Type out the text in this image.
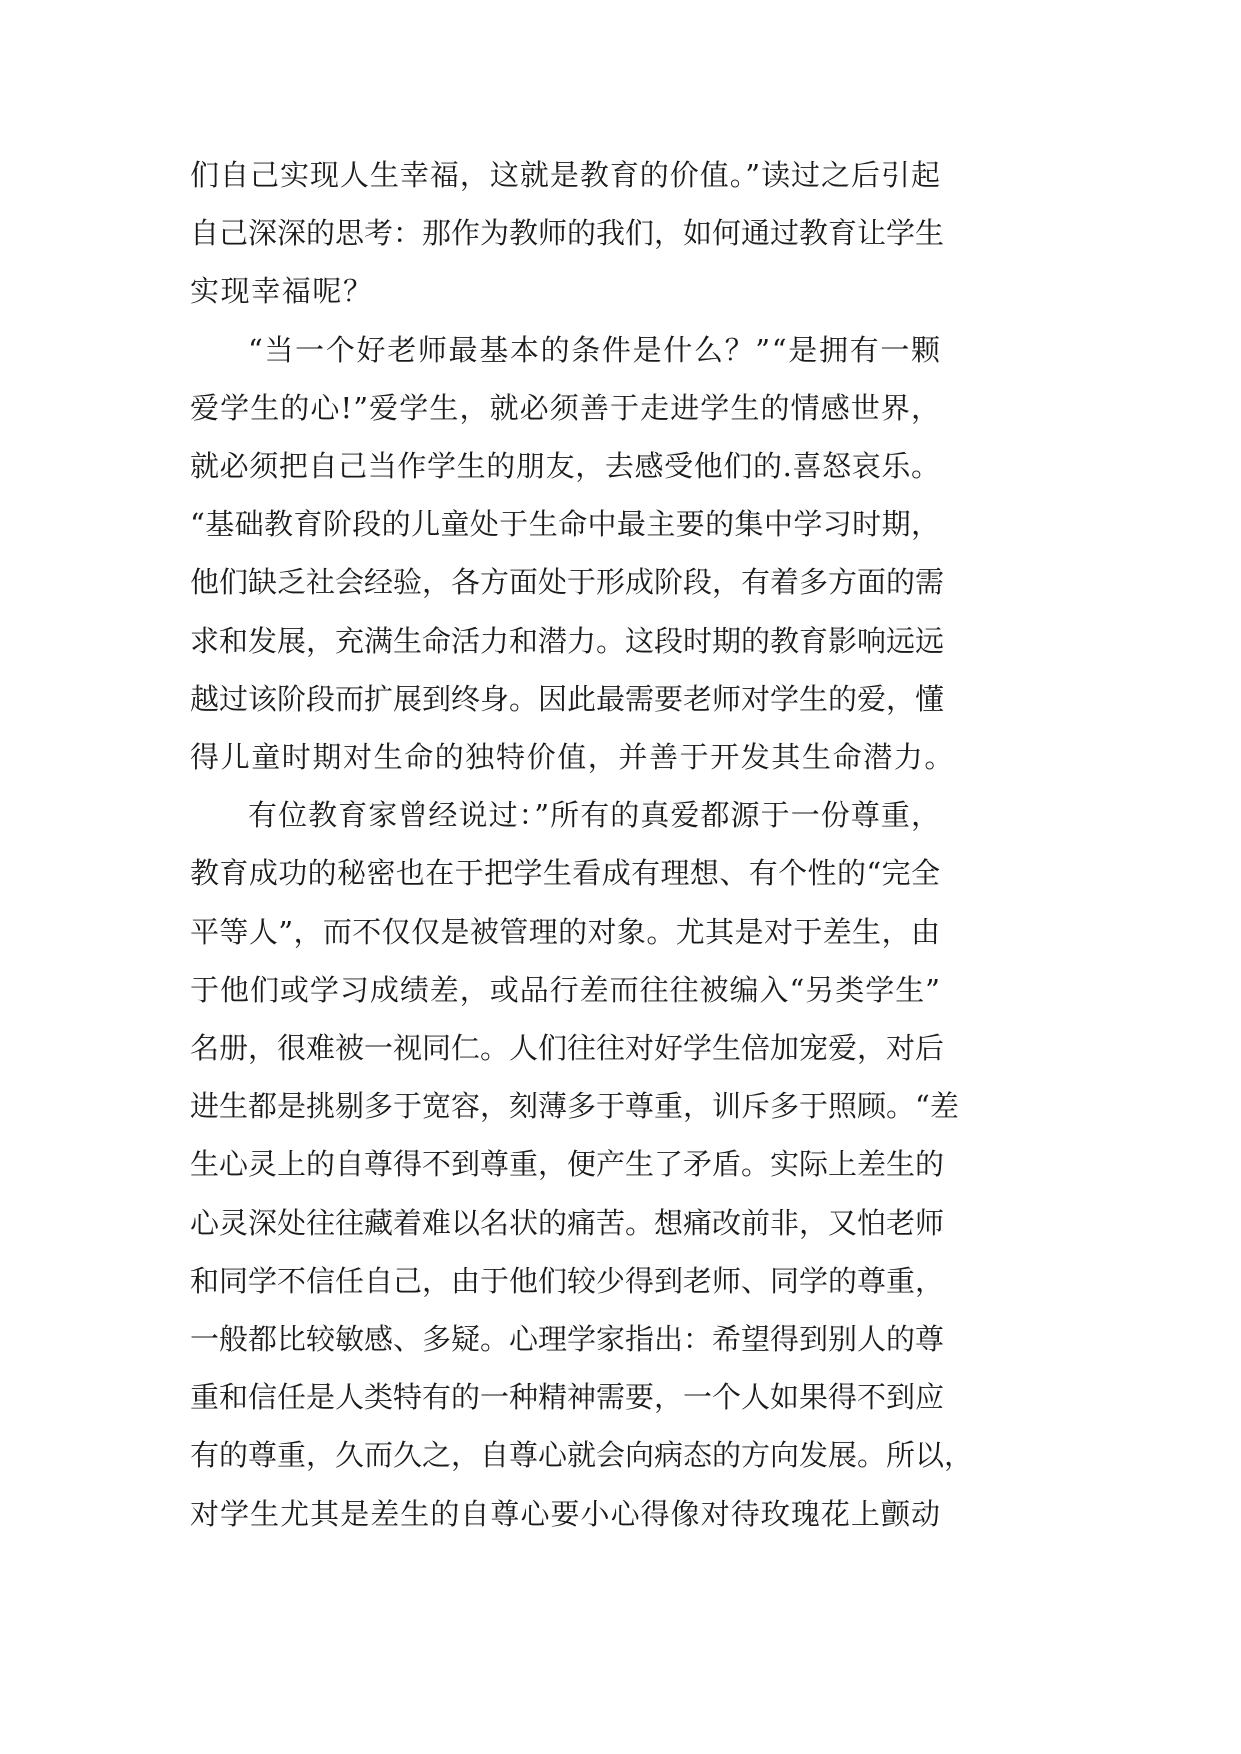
们自己实现人生幸福，这就是教育的价值。”读过之后引起
自己深深的思考：那作为教师的我们，如何通过教育让学生
实现幸福呢？
“当一个好老师最基本的条件是什么？”“是拥有一颗
爱学生的心!”爱学生，就必须善于走进学生的情感世界，
就必须把自己当作学生的朋友，去感受他们的.喜怒哀乐。
“基础教育阶段的儿童处于生命中最主要的集中学习时期，
他们缺乏社会经验，各方面处于形成阶段，有着多方面的需
求和发展，充满生命活力和潜力。这段时期的教育影响远远
越过该阶段而扩展到终身。因此最需要老师对学生的爱，懂
得儿童时期对生命的独特价值，并善于开发其生命潜力。
有位教育家曾经说过：”所有的真爱都源于一份尊重，
教育成功的秘密也在于把学生看成有理想、有个性的“完全
平等人”，而不仅仅是被管理的对象。尤其是对于差生，由
于他们或学习成绩差，或品行差而往往被编入“另类学生”
名册，很难被一视同仁。人们往往对好学生倍加宠爱，对后
进生都是挑剔多于宽容，刻薄多于尊重，训斥多于照顾。“差
生心灵上的自尊得不到尊重，便产生了矛盾。实际上差生的
心灵深处往往藏着难以名状的痛苦。想痛改前非，又怕老师
和同学不信任自己，由于他们较少得到老师、同学的尊重，
一般都比较敏感、多疑。心理学家指出：希望得到别人的尊
重和信任是人类特有的一种精神需要，一个人如果得不到应
有的尊重，久而久之，自尊心就会向病态的方向发展。所以，
对学生尤其是差生的自尊心要小心得像对待玫瑰花上颤动
